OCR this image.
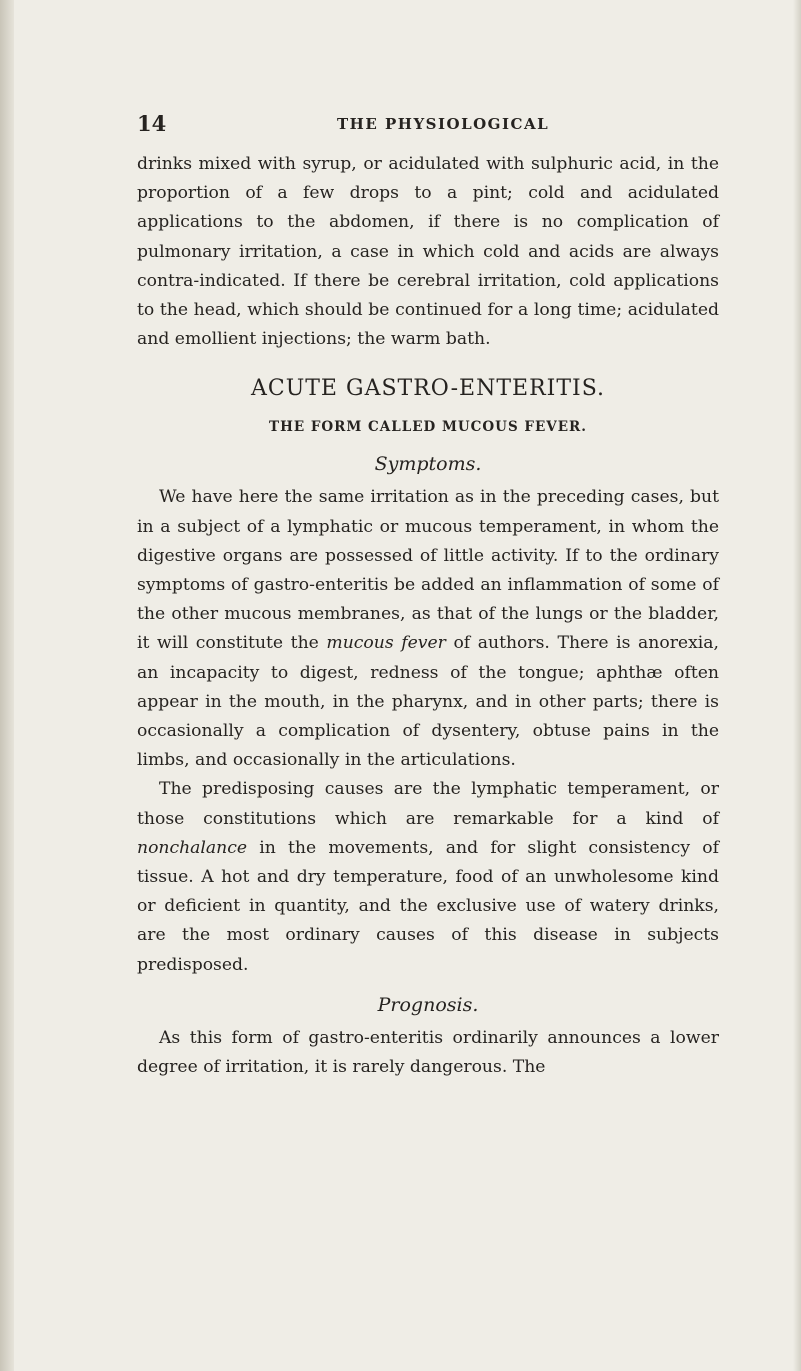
14	THE PHYSIOLOGICAL

drinks mixed with syrup, or acidulated with sulphuric acid, in the proportion of a few drops to a pint; cold and acidulated applications to the abdomen, if there is no complication of pulmonary irritation, a case in which cold and acids are always contra-indicated. If there be cerebral irritation, cold applications to the head, which should be continued for a long time; acidulated and emollient injections; the warm bath.

ACUTE GASTRO-ENTERITIS.
THE FORM CALLED MUCOUS FEVER.
Symptoms.

We have here the same irritation as in the preceding cases, but in a subject of a lymphatic or mucous temperament, in whom the digestive organs are possessed of little activity. If to the ordinary symptoms of gastro-enteritis be added an inflammation of some of the other mucous membranes, as that of the lungs or the bladder, it will constitute the mucous fever of authors. There is anorexia, an incapacity to digest, redness of the tongue; aphthæ often appear in the mouth, in the pharynx, and in other parts; there is occasionally a complication of dysentery, obtuse pains in the limbs, and occasionally in the articulations.

The predisposing causes are the lymphatic temperament, or those constitutions which are remarkable for a kind of nonchalance in the movements, and for slight consistency of tissue. A hot and dry temperature, food of an unwholesome kind or deficient in quantity, and the exclusive use of watery drinks, are the most ordinary causes of this disease in subjects predisposed.

Prognosis.

As this form of gastro-enteritis ordinarily announces a lower degree of irritation, it is rarely dangerous. The
